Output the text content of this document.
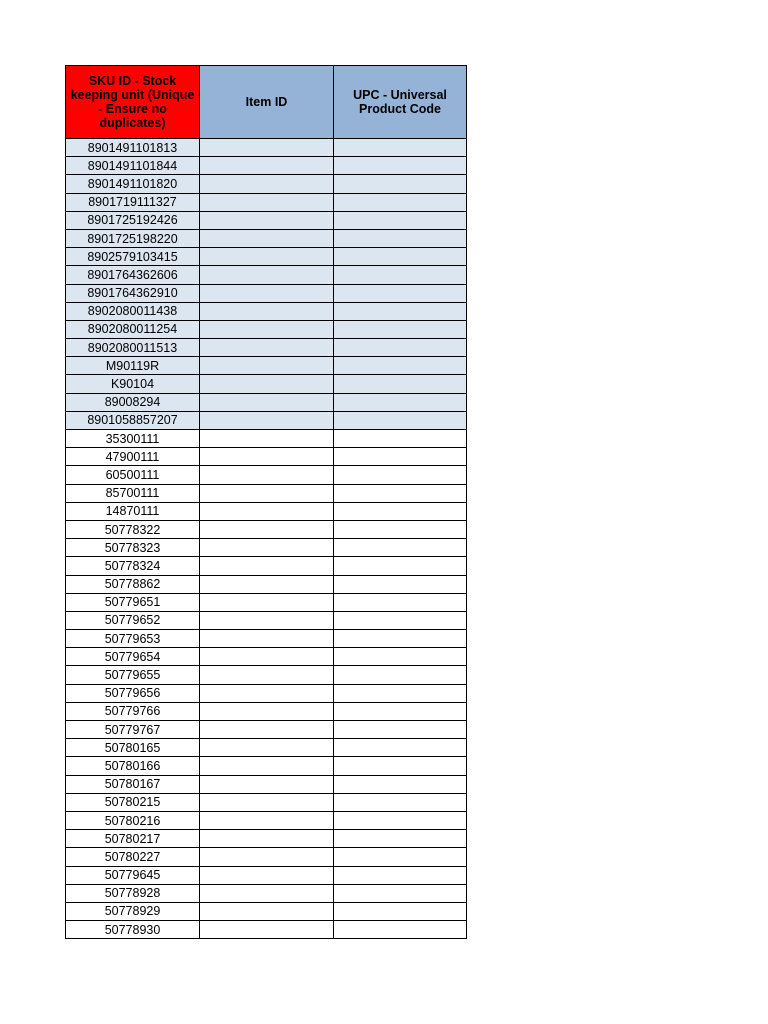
SKU ID - Stock keeping unit (Unique - Ensure no duplicates)	Item ID	UPC - Universal Product Code
8901491101813		
8901491101844		
8901491101820		
8901719111327		
8901725192426		
8901725198220		
8902579103415		
8901764362606		
8901764362910		
8902080011438		
8902080011254		
8902080011513		
M90119R		
K90104		
89008294		
8901058857207		
35300111		
47900111		
60500111		
85700111		
14870111		
50778322		
50778323		
50778324		
50778862		
50779651		
50779652		
50779653		
50779654		
50779655		
50779656		
50779766		
50779767		
50780165		
50780166		
50780167		
50780215		
50780216		
50780217		
50780227		
50779645		
50778928		
50778929		
50778930		
